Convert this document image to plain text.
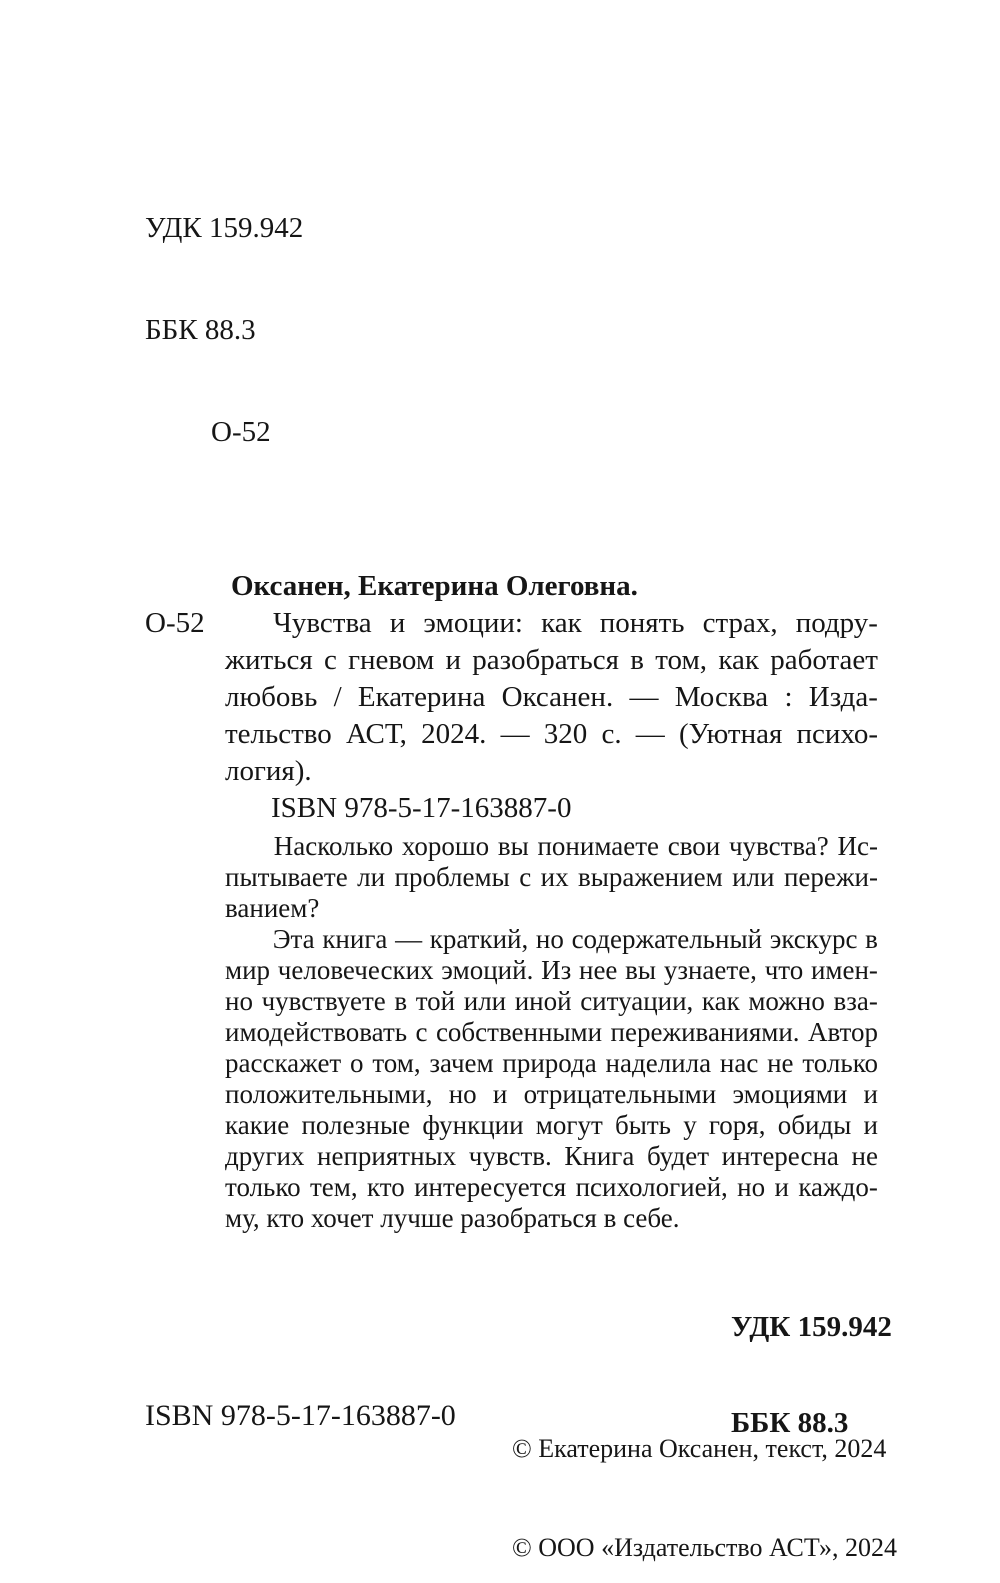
УДК 159.942

ББК 88.3

О-52

О-52
Оксанен, Екатерина Олеговна.
Чувства и эмоции: как понять страх, подру-
житься с гневом и разобраться в том, как работает
любовь / Екатерина Оксанен. — Москва : Изда-
тельство АСТ, 2024. — 320 с. — (Уютная психо-
логия).
ISBN 978-5-17-163887-0
Насколько хорошо вы понимаете свои чувства? Ис-
пытываете ли проблемы с их выражением или пережи-
ванием?
Эта книга — краткий, но содержательный экскурс в
мир человеческих эмоций. Из нее вы узнаете, что имен-
но чувствуете в той или иной ситуации, как можно вза-
имодействовать с собственными переживаниями. Автор
расскажет о том, зачем природа наделила нас не только
положительными, но и отрицательными эмоциями и
какие полезные функции могут быть у горя, обиды и
других неприятных чувств. Книга будет интересна не
только тем, кто интересуется психологией, но и каждо-
му, кто хочет лучше разобраться в себе.

УДК 159.942

ББК 88.3

ISBN 978-5-17-163887-0

© Екатерина Оксанен, текст, 2024

© ООО «Издательство АСТ», 2024
